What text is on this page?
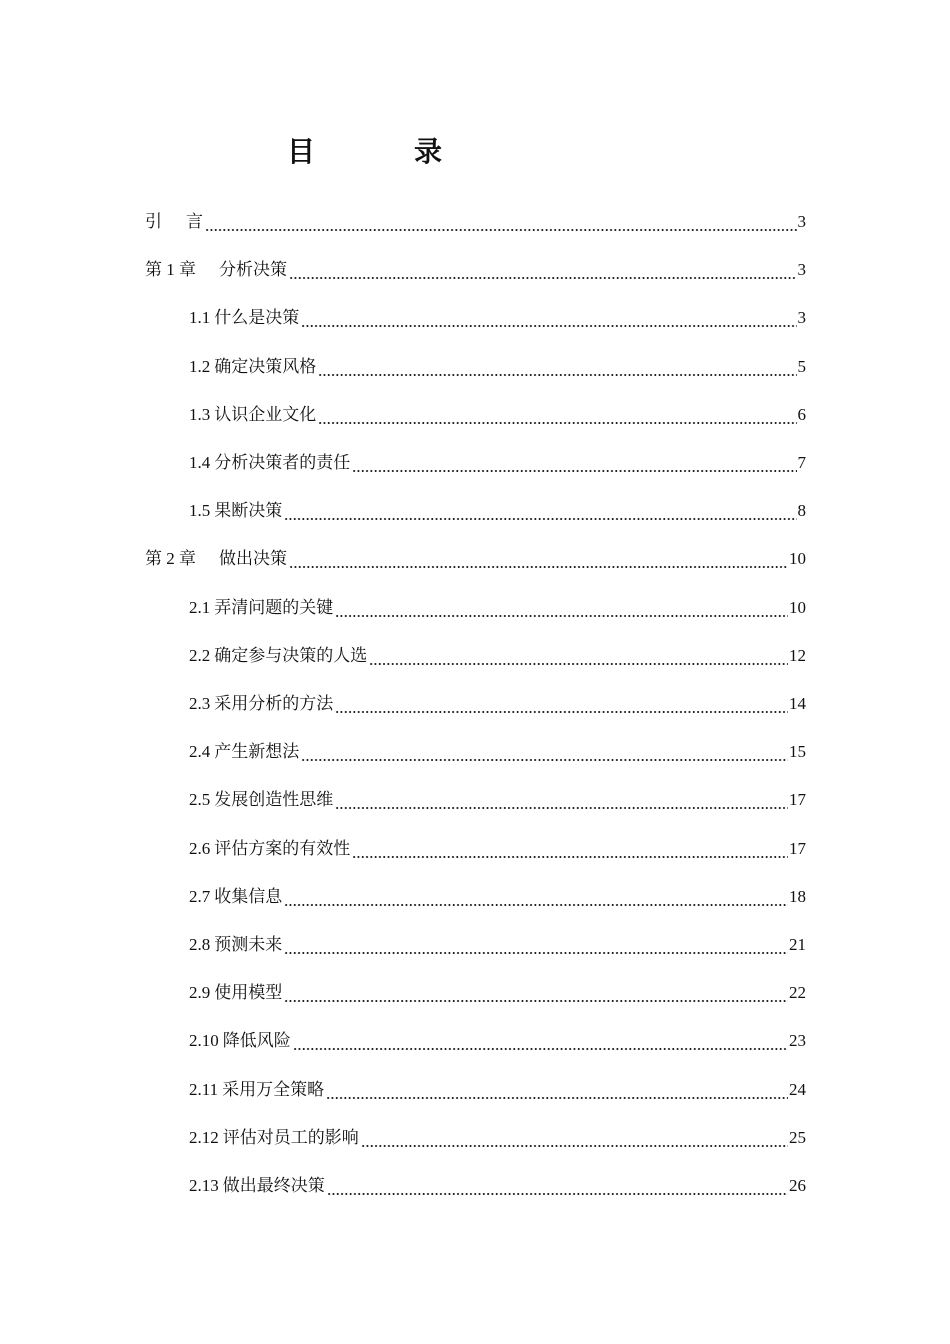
目	录
引 言	3
第 1 章 分析决策	3
1.1 什么是决策	3
1.2 确定决策风格	5
1.3 认识企业文化	6
1.4 分析决策者的责任	7
1.5 果断决策	8
第 2 章 做出决策	10
2.1 弄清问题的关键	10
2.2 确定参与决策的人选	12
2.3 采用分析的方法	14
2.4 产生新想法	15
2.5 发展创造性思维	17
2.6 评估方案的有效性	17
2.7 收集信息	18
2.8 预测未来	21
2.9 使用模型	22
2.10 降低风险	23
2.11 采用万全策略	24
2.12 评估对员工的影响	25
2.13 做出最终决策	26
